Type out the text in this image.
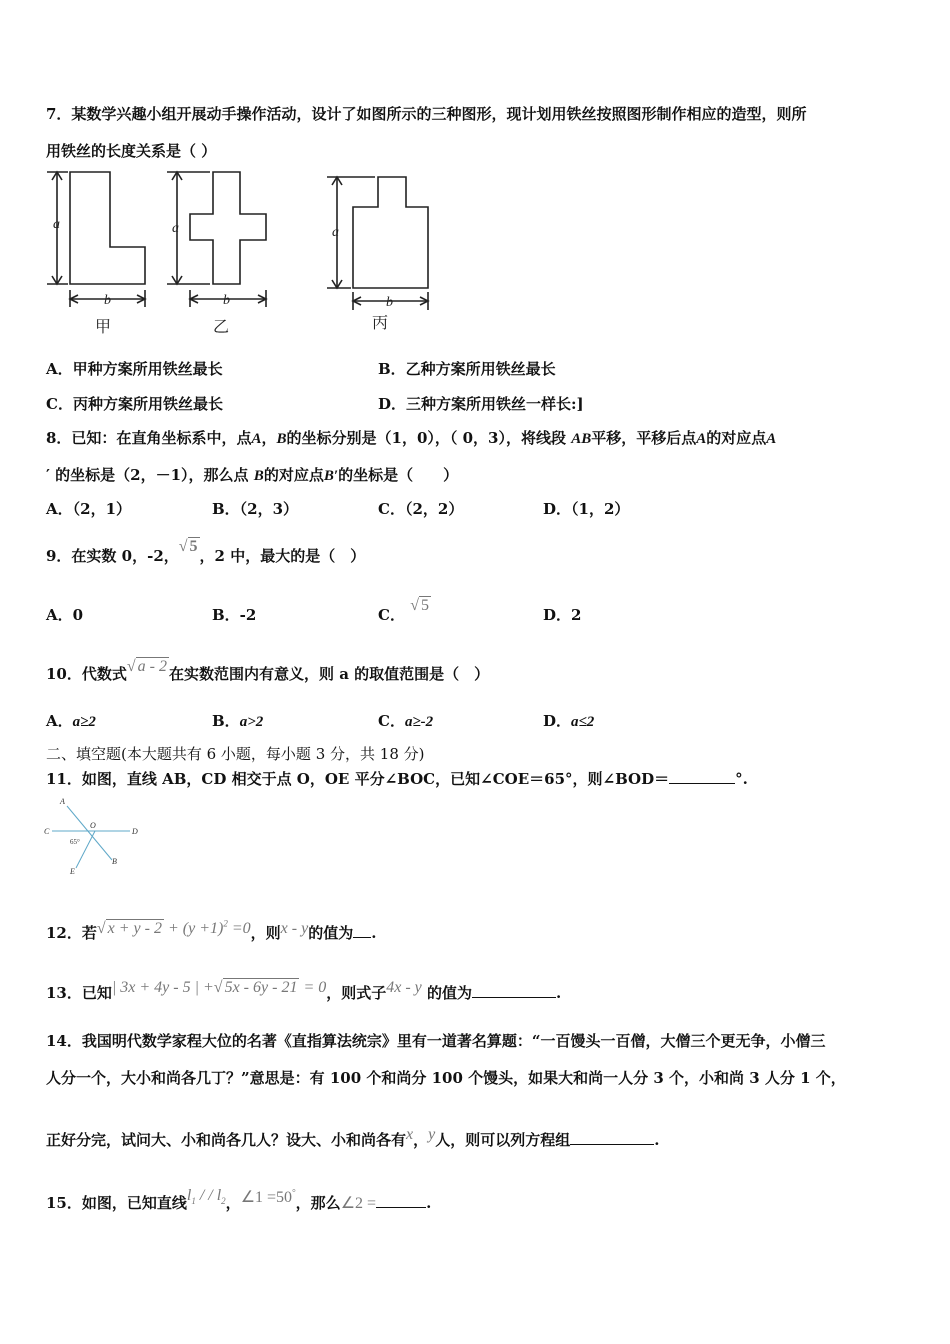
7．某数学兴趣小组开展动手操作活动，设计了如图所示的三种图形，现计划用铁丝按照图形制作相应的造型，则所
用铁丝的长度关系是（ ）
a
b
a
b
a
b
甲	乙	丙
A．甲种方案所用铁丝最长	B．乙种方案所用铁丝最长
C．丙种方案所用铁丝最长	D．三种方案所用铁丝一样长:]
8．已知：在直角坐标系中，点A，B的坐标分别是（1，0），（ 0，3），将线段 AB平移，平移后点A的对应点A
′ 的坐标是（2，－1），那么点 B的对应点B′的坐标是（　　）
A．（2，1）	B．（2，3）	C．（2，2）	D．（1，2）
9．在实数 0，-2，√ 5，2 中，最大的是（　）
A．0	B．-2	C． √ 5
D．2
10．代数式√ a - 2 在实数范围内有意义，则 a 的取值范围是（　）
A．a≥2	B．a>2	C．a≥-2	D．a≤2
二、填空题(本大题共有 6 小题，每小题 3 分，共 18 分)
11．如图，直线 AB，CD 相交于点 O，OE 平分∠BOC，已知∠COE＝65°，则∠BOD＝	°.
A
C	D
O
B
E
65°
12．若√ $x + y - 2 + (y +1)^2 =0$，则x - y的值为 .
13．已知| 3x + 4y - 5 | +√ 5x - 6y - 21 = 0，则式子4x - y 的值为	.
14．我国明代数学家程大位的名著《直指算法统宗》里有一道著名算题：“一百馒头一百僧，大僧三个更无争，小僧三
人分一个，大小和尚各几丁？”意思是：有 100 个和尚分 100 个馒头，如果大和尚一人分 3 个，小和尚 3 人分 1 个，
正好分完，试问大、小和尚各几人？设大、小和尚各有x，y人，则可以列方程组	.
15．如图，已知直线$l_1$ / / $l_2$，∠1 =50°，那么∠2 =	.
